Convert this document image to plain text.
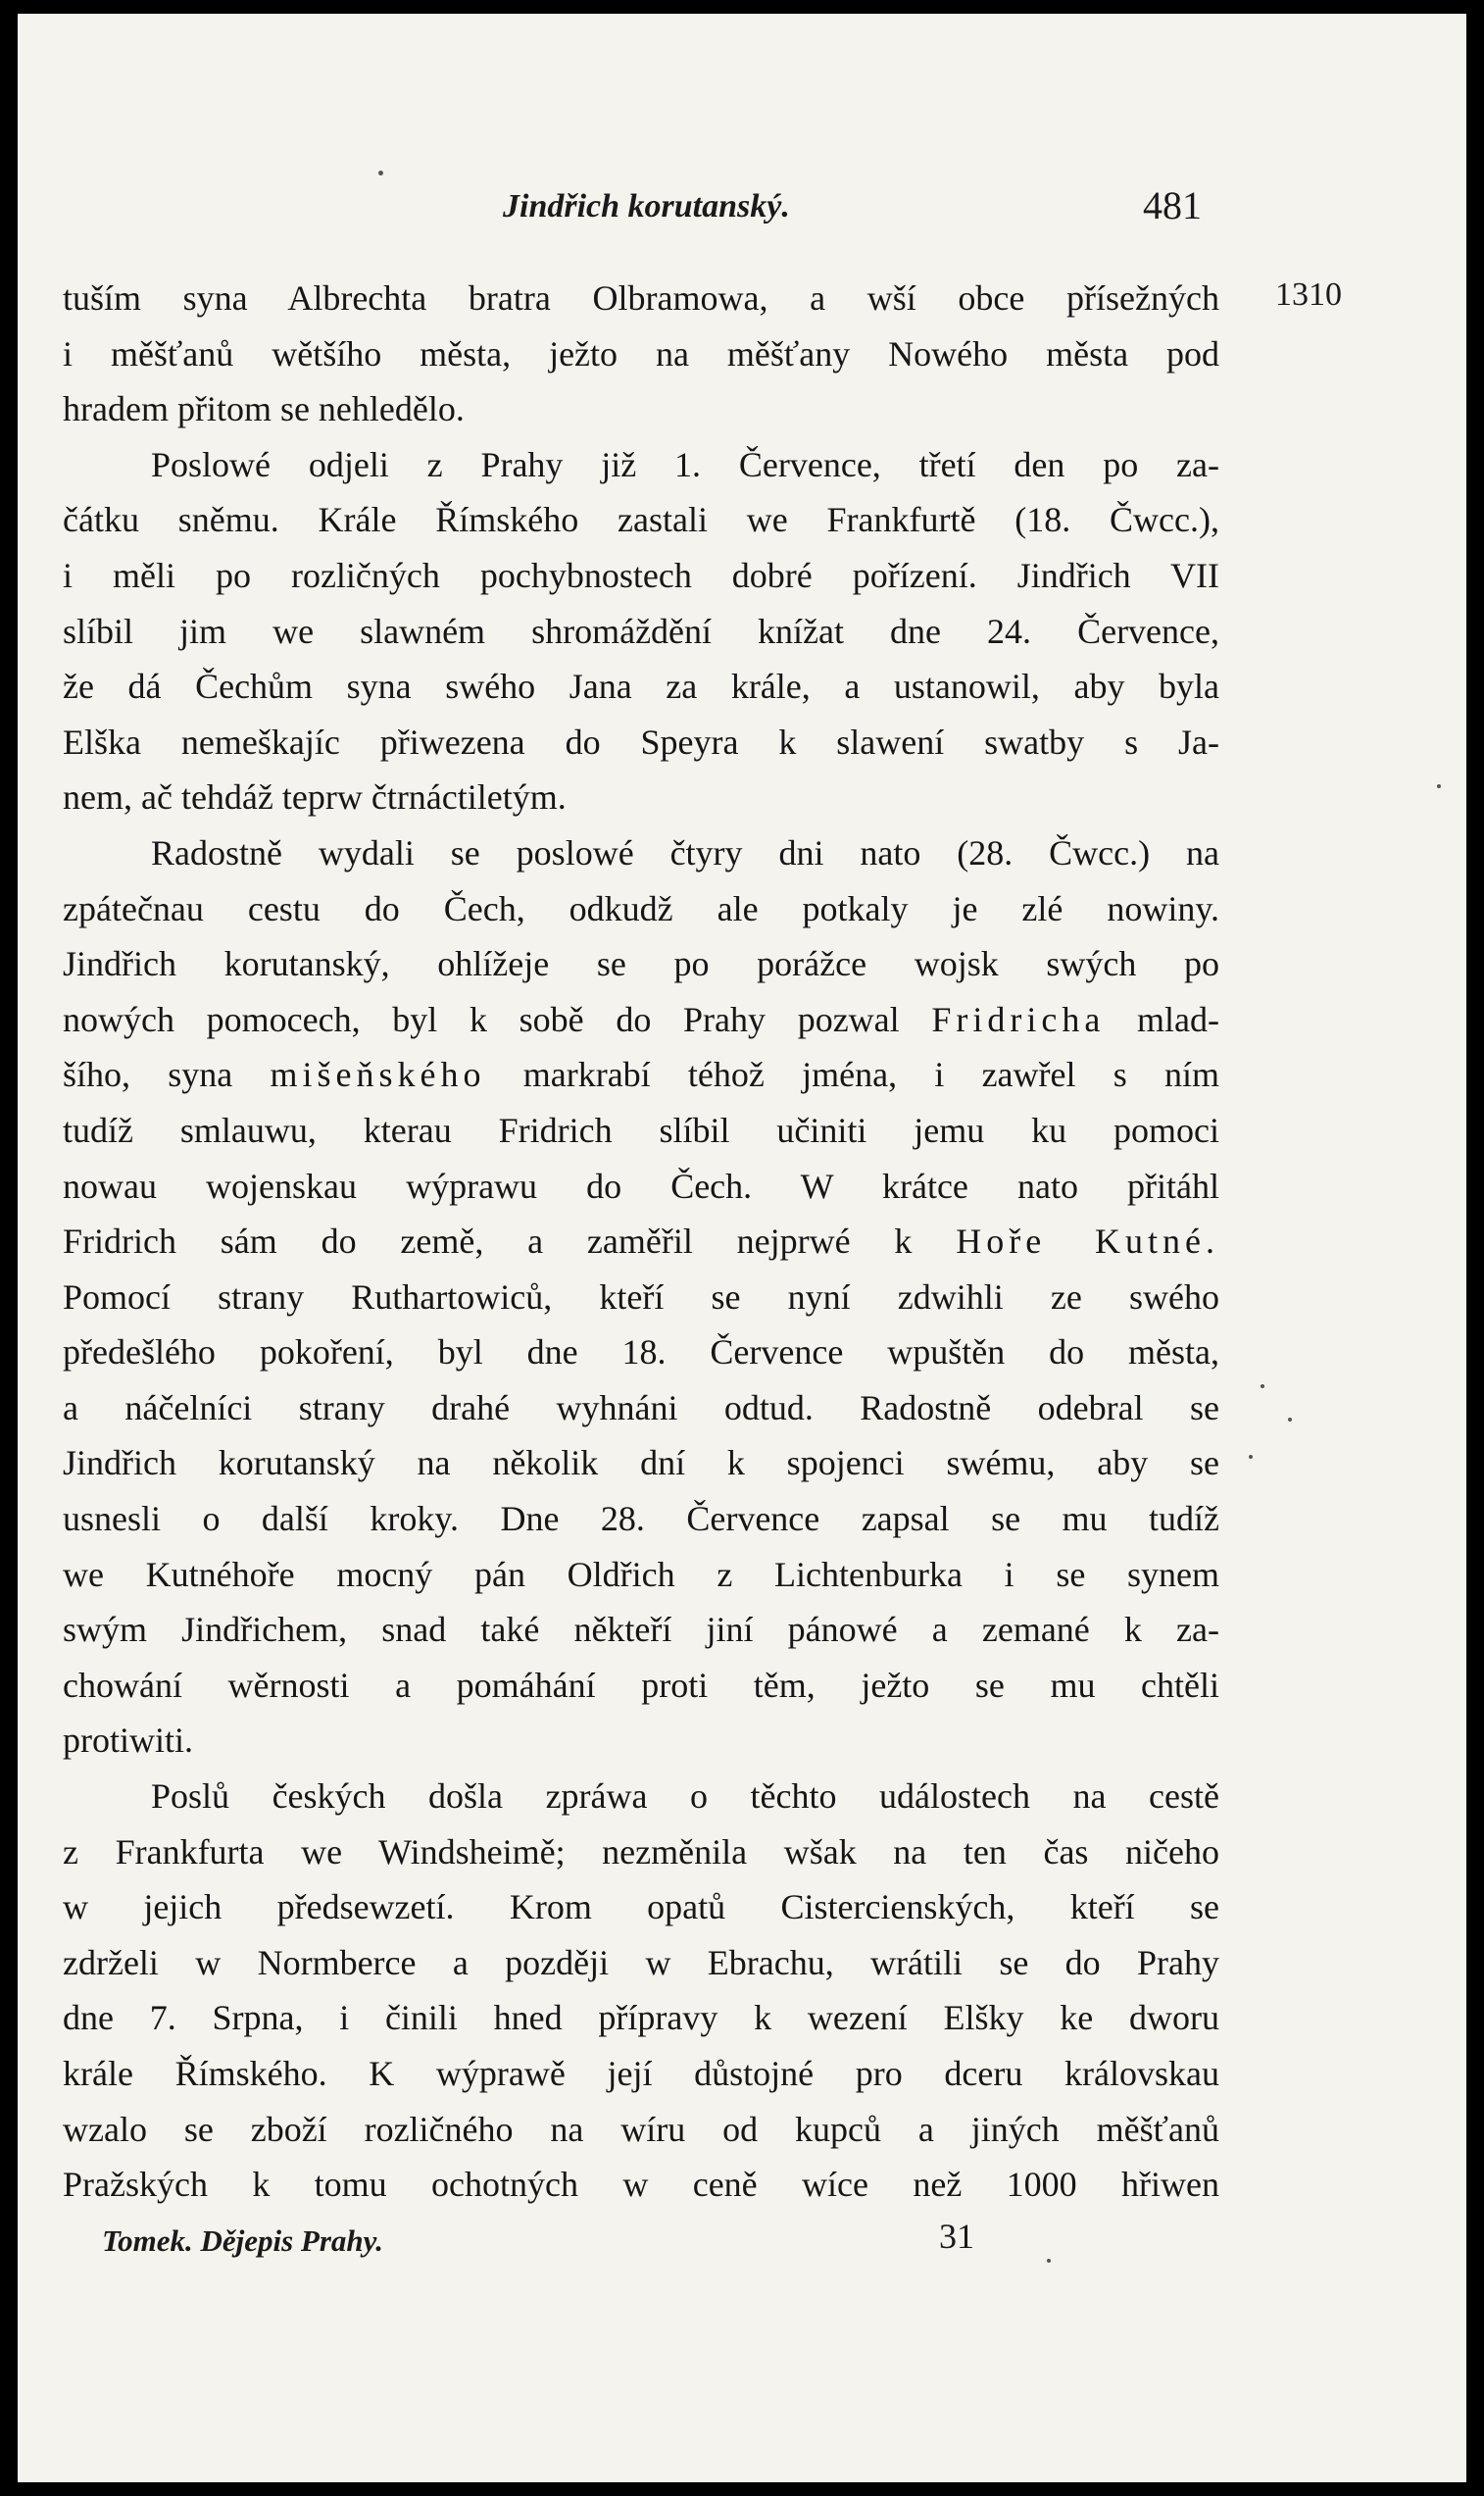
Jindřich korutanský.	481
1310
tuším syna Albrechta bratra Olbramowa, a wší obce přísežných
i měšťanů wětšího města, ježto na měšťany Nowého města pod
hradem přitom se nehledělo.
Poslowé odjeli z Prahy již 1. Července, třetí den po za-
čátku sněmu. Krále Římského zastali we Frankfurtě (18. Čwcc.),
i měli po rozličných pochybnostech dobré pořízení. Jindřich VII
slíbil jim we slawném shromáždění knížat dne 24. Července,
že dá Čechům syna swého Jana za krále, a ustanowil, aby byla
Elška nemeškajíc přiwezena do Speyra k slawení swatby s Ja-
nem, ač tehdáž teprw čtrnáctiletým.
Radostně wydali se poslowé čtyry dni nato (28. Čwcc.) na
zpátečnau cestu do Čech, odkudž ale potkaly je zlé nowiny.
Jindřich korutanský, ohlížeje se po porážce wojsk swých po
nowých pomocech, byl k sobě do Prahy pozwal Fridricha mlad-
šího, syna mišeňského markrabí téhož jména, i zawřel s ním
tudíž smlauwu, kterau Fridrich slíbil učiniti jemu ku pomoci
nowau wojenskau wýprawu do Čech. W krátce nato přitáhl
Fridrich sám do země, a zaměřil nejprwé k Hoře Kutné.
Pomocí strany Ruthartowiců, kteří se nyní zdwihli ze swého
předešlého pokoření, byl dne 18. Července wpuštěn do města,
a náčelníci strany drahé wyhnáni odtud. Radostně odebral se
Jindřich korutanský na několik dní k spojenci swému, aby se
usnesli o další kroky. Dne 28. Července zapsal se mu tudíž
we Kutnéhoře mocný pán Oldřich z Lichtenburka i se synem
swým Jindřichem, snad také někteří jiní pánowé a zemané k za-
chowání wěrnosti a pomáhání proti těm, ježto se mu chtěli
protiwiti.
Poslů českých došla zpráwa o těchto událostech na cestě
z Frankfurta we Windsheimě; nezměnila wšak na ten čas ničeho
w jejich předsewzetí. Krom opatů Cistercienských, kteří se
zdrželi w Normberce a později w Ebrachu, wrátili se do Prahy
dne 7. Srpna, i činili hned přípravy k wezení Elšky ke dworu
krále Římského. K wýprawě její důstojné pro dceru královskau
wzalo se zboží rozličného na wíru od kupců a jiných měšťanů
Pražských k tomu ochotných w ceně wíce než 1000 hřiwen
Tomek. Dějepis Prahy.	31
